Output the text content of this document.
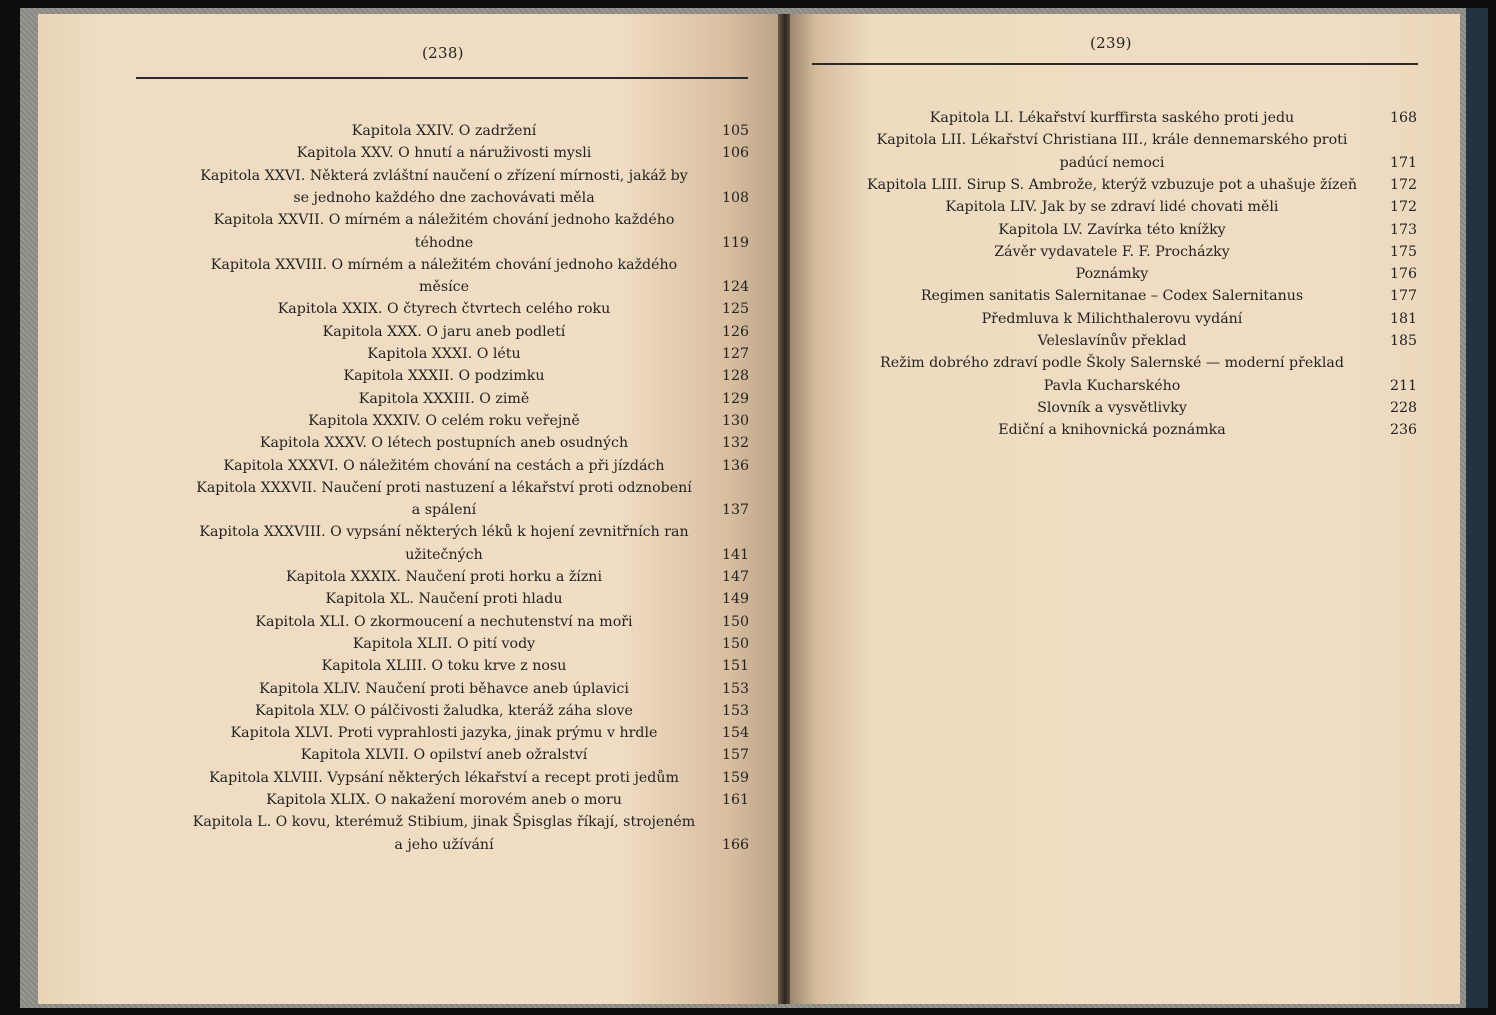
(238)
Kapitola XXIV. O zadržení	105
Kapitola XXV. O hnutí a náruživosti mysli	106
Kapitola XXVI. Některá zvláštní naučení o zřízení mírnosti, jakáž by
se jednoho každého dne zachovávati měla	108
Kapitola XXVII. O mírném a náležitém chování jednoho každého
téhodne	119
Kapitola XXVIII. O mírném a náležitém chování jednoho každého
měsíce	124
Kapitola XXIX. O čtyrech čtvrtech celého roku	125
Kapitola XXX. O jaru aneb podletí	126
Kapitola XXXI. O létu	127
Kapitola XXXII. O podzimku	128
Kapitola XXXIII. O zimě	129
Kapitola XXXIV. O celém roku veřejně	130
Kapitola XXXV. O létech postupních aneb osudných	132
Kapitola XXXVI. O náležitém chování na cestách a při jízdách	136
Kapitola XXXVII. Naučení proti nastuzení a lékařství proti odznobení
a spálení	137
Kapitola XXXVIII. O vypsání některých léků k hojení zevnitřních ran
užitečných	141
Kapitola XXXIX. Naučení proti horku a žízni	147
Kapitola XL. Naučení proti hladu	149
Kapitola XLI. O zkormoucení a nechutenství na moři	150
Kapitola XLII. O pití vody	150
Kapitola XLIII. O toku krve z nosu	151
Kapitola XLIV. Naučení proti běhavce aneb úplavici	153
Kapitola XLV. O pálčivosti žaludka, kteráž záha slove	153
Kapitola XLVI. Proti vyprahlosti jazyka, jinak prýmu v hrdle	154
Kapitola XLVII. O opilství aneb ožralství	157
Kapitola XLVIII. Vypsání některých lékařství a recept proti jedům	159
Kapitola XLIX. O nakažení morovém aneb o moru	161
Kapitola L. O kovu, kterémuž Stibium, jinak Špisglas říkají, strojeném
a jeho užívání	166
(239)
Kapitola LI. Lékařství kurffirsta saského proti jedu	168
Kapitola LII. Lékařství Christiana III., krále dennemarského proti
padúcí nemoci	171
Kapitola LIII. Sirup S. Ambrože, kterýž vzbuzuje pot a uhašuje žízeň	172
Kapitola LIV. Jak by se zdraví lidé chovati měli	172
Kapitola LV. Zavírka této knížky	173
Závěr vydavatele F. F. Procházky	175
Poznámky	176
Regimen sanitatis Salernitanae – Codex Salernitanus	177
Předmluva k Milichthalerovu vydání	181
Veleslavínův překlad	185
Režim dobrého zdraví podle Školy Salernské — moderní překlad
Pavla Kucharského	211
Slovník a vysvětlivky	228
Ediční a knihovnická poznámka	236
